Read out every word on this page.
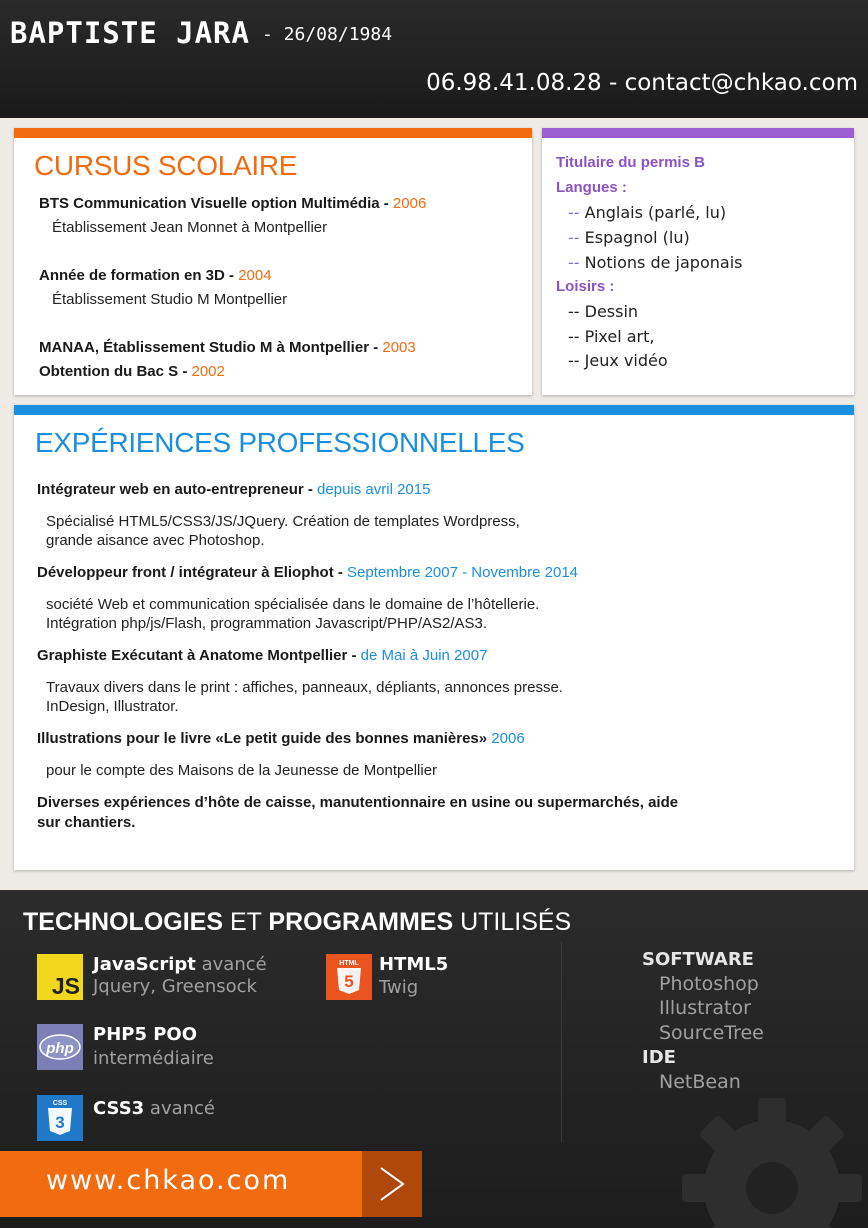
BAPTISTE JARA - 26/08/1984
06.98.41.08.28 - contact@chkao.com
CURSUS SCOLAIRE
BTS Communication Visuelle option Multimédia - 2006
Établissement Jean Monnet à Montpellier
Année de formation en 3D - 2004
Établissement Studio M Montpellier
MANAA, Établissement Studio M à Montpellier - 2003
Obtention du Bac S - 2002
Titulaire du permis B
Langues :
-- Anglais (parlé, lu)
-- Espagnol (lu)
-- Notions de japonais
Loisirs :
-- Dessin
-- Pixel art,
-- Jeux vidéo
EXPÉRIENCES PROFESSIONNELLES
Intégrateur web en auto-entrepreneur - depuis avril 2015
Spécialisé HTML5/CSS3/JS/JQuery. Création de templates Wordpress,
grande aisance avec Photoshop.
Développeur front / intégrateur à Eliophot - Septembre 2007 - Novembre 2014
société Web et communication spécialisée dans le domaine de l’hôtellerie.
Intégration php/js/Flash, programmation Javascript/PHP/AS2/AS3.
Graphiste Exécutant à Anatome Montpellier - de Mai à Juin 2007
Travaux divers dans le print : affiches, panneaux, dépliants, annonces presse.
InDesign, Illustrator.
Illustrations pour le livre «Le petit guide des bonnes manières» 2006
pour le compte des Maisons de la Jeunesse de Montpellier
Diverses expériences d’hôte de caisse, manutentionnaire en usine ou supermarchés, aide
sur chantiers.
TECHNOLOGIES ET PROGRAMMES UTILISÉS
JS
JavaScript avancé
Jquery, Greensock
HTML
5
HTML5
Twig
php
PHP5 POO
intermédiaire
CSS
3
CSS3 avancé
SOFTWARE
Photoshop
Illustrator
SourceTree
IDE
NetBean
www.chkao.com
